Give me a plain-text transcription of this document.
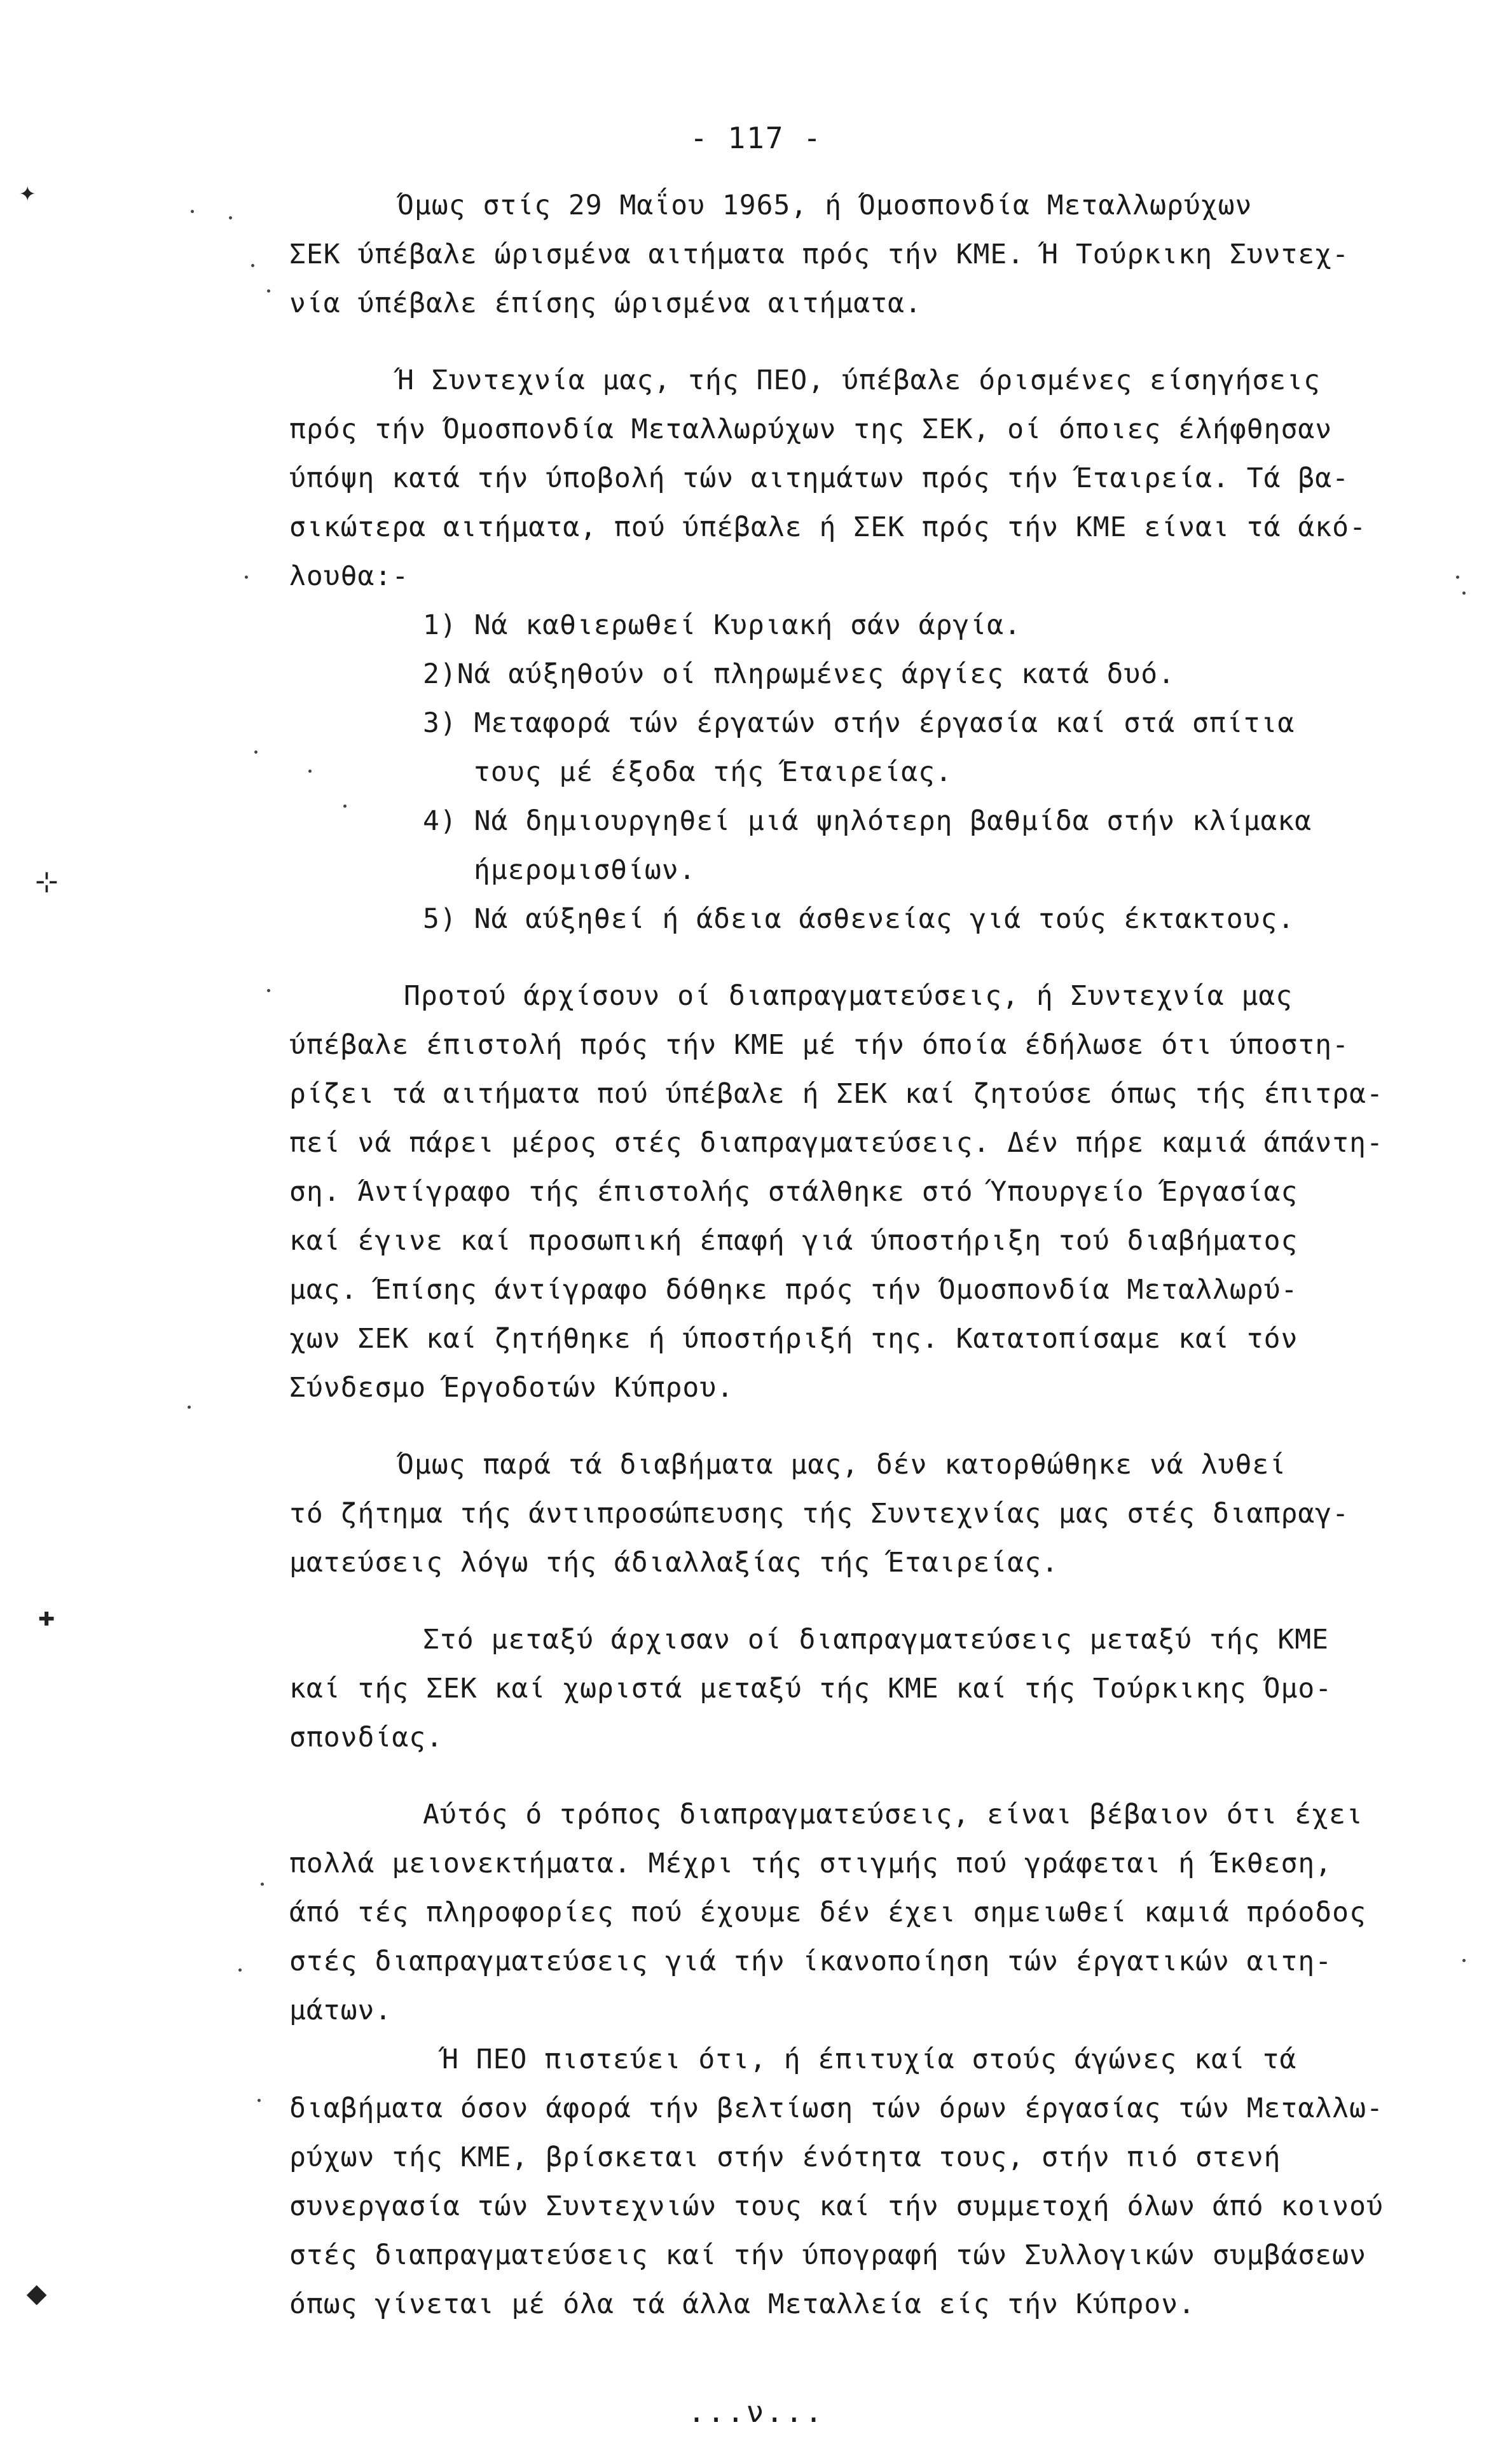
- 117 -
Όμως στίς 29 Μαΐου 1965, ή Όμοσπονδία Μεταλλωρύχων
ΣΕΚ ύπέβαλε ώρισμένα αιτήματα πρός τήν ΚΜΕ. Ή Τούρκικη Συντεχ-
νία ύπέβαλε έπίσης ώρισμένα αιτήματα.
Ή Συντεχνία μας, τής ΠΕΟ, ύπέβαλε όρισμένες είσηγήσεις
πρός τήν Όμοσπονδία Μεταλλωρύχων της ΣΕΚ, οί όποιες έλήφθησαν
ύπόψη κατά τήν ύποβολή τών αιτημάτων πρός τήν Έταιρεία. Τά βα-
σικώτερα αιτήματα, πού ύπέβαλε ή ΣΕΚ πρός τήν ΚΜΕ είναι τά άκό-
λουθα:-
1) Νά καθιερωθεί Κυριακή σάν άργία.
2)Νά αύξηθούν οί πληρωμένες άργίες κατά δυό.
3) Μεταφορά τών έργατών στήν έργασία καί στά σπίτια
τους μέ έξοδα τής Έταιρείας.
4) Νά δημιουργηθεί μιά ψηλότερη βαθμίδα στήν κλίμακα
ήμερομισθίων.
5) Νά αύξηθεί ή άδεια άσθενείας γιά τούς έκτακτους.
Προτού άρχίσουν οί διαπραγματεύσεις, ή Συντεχνία μας
ύπέβαλε έπιστολή πρός τήν ΚΜΕ μέ τήν όποία έδήλωσε ότι ύποστη-
ρίζει τά αιτήματα πού ύπέβαλε ή ΣΕΚ καί ζητούσε όπως τής έπιτρα-
πεί νά πάρει μέρος στές διαπραγματεύσεις. Δέν πήρε καμιά άπάντη-
ση. Άντίγραφο τής έπιστολής στάλθηκε στό Ύπουργείο Έργασίας
καί έγινε καί προσωπική έπαφή γιά ύποστήριξη τού διαβήματος
μας. Έπίσης άντίγραφο δόθηκε πρός τήν Όμοσπονδία Μεταλλωρύ-
χων ΣΕΚ καί ζητήθηκε ή ύποστήριξή της. Κατατοπίσαμε καί τόν
Σύνδεσμο Έργοδοτών Κύπρου.
Όμως παρά τά διαβήματα μας, δέν κατορθώθηκε νά λυθεί
τό ζήτημα τής άντιπροσώπευσης τής Συντεχνίας μας στές διαπραγ-
ματεύσεις λόγω τής άδιαλλαξίας τής Έταιρείας.
Στό μεταξύ άρχισαν οί διαπραγματεύσεις μεταξύ τής ΚΜΕ
καί τής ΣΕΚ καί χωριστά μεταξύ τής ΚΜΕ καί τής Τούρκικης Όμο-
σπονδίας.
Αύτός ό τρόπος διαπραγματεύσεις, είναι βέβαιον ότι έχει
πολλά μειονεκτήματα. Μέχρι τής στιγμής πού γράφεται ή Έκθεση,
άπό τές πληροφορίες πού έχουμε δέν έχει σημειωθεί καμιά πρόοδος
στές διαπραγματεύσεις γιά τήν ίκανοποίηση τών έργατικών αιτη-
μάτων.
Ή ΠΕΟ πιστεύει ότι, ή έπιτυχία στούς άγώνες καί τά
διαβήματα όσον άφορά τήν βελτίωση τών όρων έργασίας τών Μεταλλω-
ρύχων τής ΚΜΕ, βρίσκεται στήν ένότητα τους, στήν πιό στενή
συνεργασία τών Συντεχνιών τους καί τήν συμμετοχή όλων άπό κοινού
στές διαπραγματεύσεις καί τήν ύπογραφή τών Συλλογικών συμβάσεων
όπως γίνεται μέ όλα τά άλλα Μεταλλεία είς τήν Κύπρον.
...ν...
✦
⊹
✚
⯁
